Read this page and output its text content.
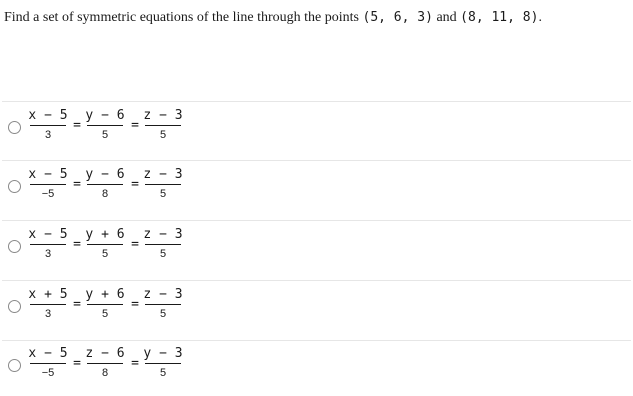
Find a set of symmetric equations of the line through the points (5, 6, 3) and (8, 11, 8).
x − 5
3
=
y − 6
5
=
z − 3
5
x − 5
−5
=
y − 6
8
=
z − 3
5
x − 5
3
=
y + 6
5
=
z − 3
5
x + 5
3
=
y + 6
5
=
z − 3
5
x − 5
−5
=
z − 6
8
=
y − 3
5
